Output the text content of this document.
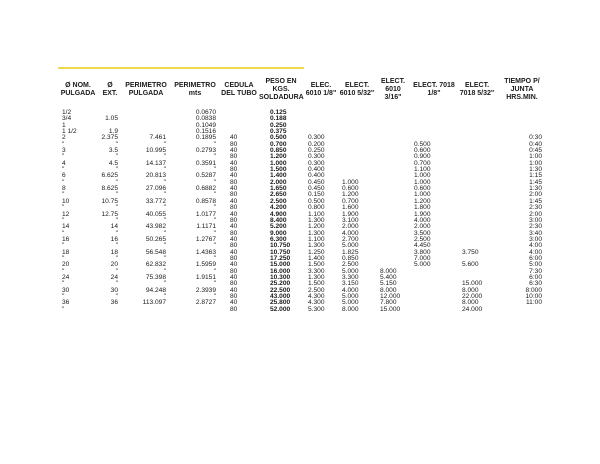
Ø NOM. PULGADA	Ø EXT.	PERIMETRO PULGADA	PERIMETRO mts	CEDULA DEL TUBO	PESO EN KGS. SOLDADURA	ELEC. 6010 1/8"	ELECT. 6010 5/32"	ELECT. 6010 3/16"	ELECT. 7018 1/8"	ELECT. 7018 5/32"	TIEMPO P/ JUNTA HRS.MIN.
1/2			0.0670		0.125						
3/4	1.05		0.0838		0.188						
1			0.1049		0.250						
1 1/2	1.9		0.1516		0.375						
2	2.375	7.461	0.1895	40	0.500	0.300					0:30
"	"	"	"	80	0.700	0.200			0.500		0:40
3	3.5	10.995	0.2793	40	0.850	0.250			0.600		0:45
"	"	"	"	80	1.200	0.300			0.900		1:00
4	4.5	14.137	0.3591	40	1.000	0.300			0.700		1:00
"	"	"	"	80	1.500	0.400			1.100		1:30
6	6.625	20.813	0.5287	40	1.400	0.400			1.000		1:15
"	"	"	"	80	2.000	0.450	1.000		1.000		1:45
8	8.625	27.096	0.6882	40	1.650	0.450	0.600		0.600		1:30
"	"	"	"	80	2.650	0.150	1.200		1.000		2:00
10	10.75	33.772	0.8578	40	2.500	0.500	0.700		1.200		1:45
"	"	"	"	80	4.200	0.800	1.600		1.800		2:30
12	12.75	40.055	1.0177	40	4.900	1.100	1.900		1.900		2:00
"	"	"	"	80	8.400	1.300	3.100		4.000		3:00
14	14	43.982	1.1171	40	5.200	1.200	2.000		2.000		2:30
"	"	"	"	80	9.000	1.300	4.000		3.500		3:40
16	16	50.265	1.2767	40	6.300	1.100	2.700		2.500		3:00
"	"	"	"	80	10.750	1.300	5.000		4.450		4:00
18	18	56.548	1.4363	40	10.750	1.250	1.825		3.800	3.750	4:00
"	"	"	"	80	17.250	1.400	0.850		7.000		6:00
20	20	62.832	1.5959	40	15.000	1.500	2.500		5.000	5.600	5:00
"	"	"	"	80	16.000	3.300	5.000	8.000			7:30
24	24	75.398	1.9151	40	10.300	1.300	3.300	5.400			6:00
"	"	"	"	80	25.200	1.500	3.150	5.150		15.000	6:30
30	30	94.248	2.3939	40	22.500	2.500	4.000	8.000		8.000	8:000
"	"	"	"	80	43.000	4.300	5.000	12.000		22.000	10:00
36	36	113.097	2.8727	40	25.800	4.300	5.000	7.800		8.000	11:00
"				80	52.000	5.300	8.000	15.000		24.000	
